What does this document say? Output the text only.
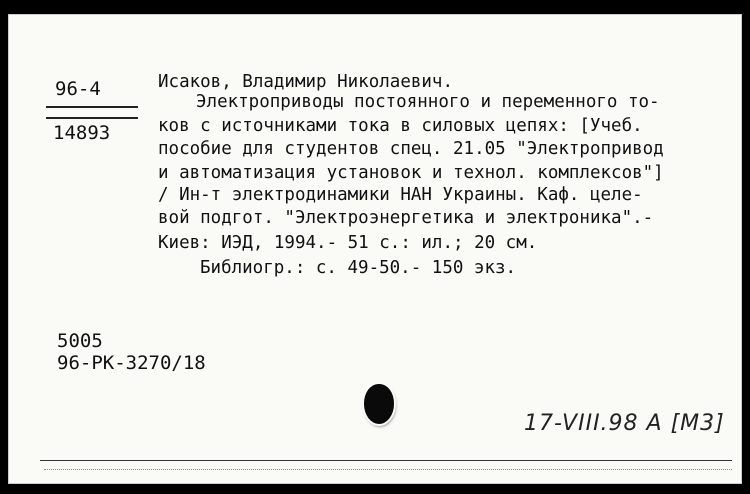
96-4
14893
Исаков, Владимир Николаевич.
Электроприводы постоянного и переменного то-
ков с источниками тока в силовых цепях: [Учеб.
пособие для студентов спец. 21.05 "Электропривод
и автоматизация установок и технол. комплексов"]
/ Ин-т электродинамики НАН Украины. Каф. целе-
вой подгот. "Электроэнергетика и электроника".-
Киев: ИЭД, 1994.- 51 с.: ил.; 20 см.
Библиогр.: с. 49-50.- 150 экз.
5005
96-РК-3270/18
17-VIII.98 A [М3]
